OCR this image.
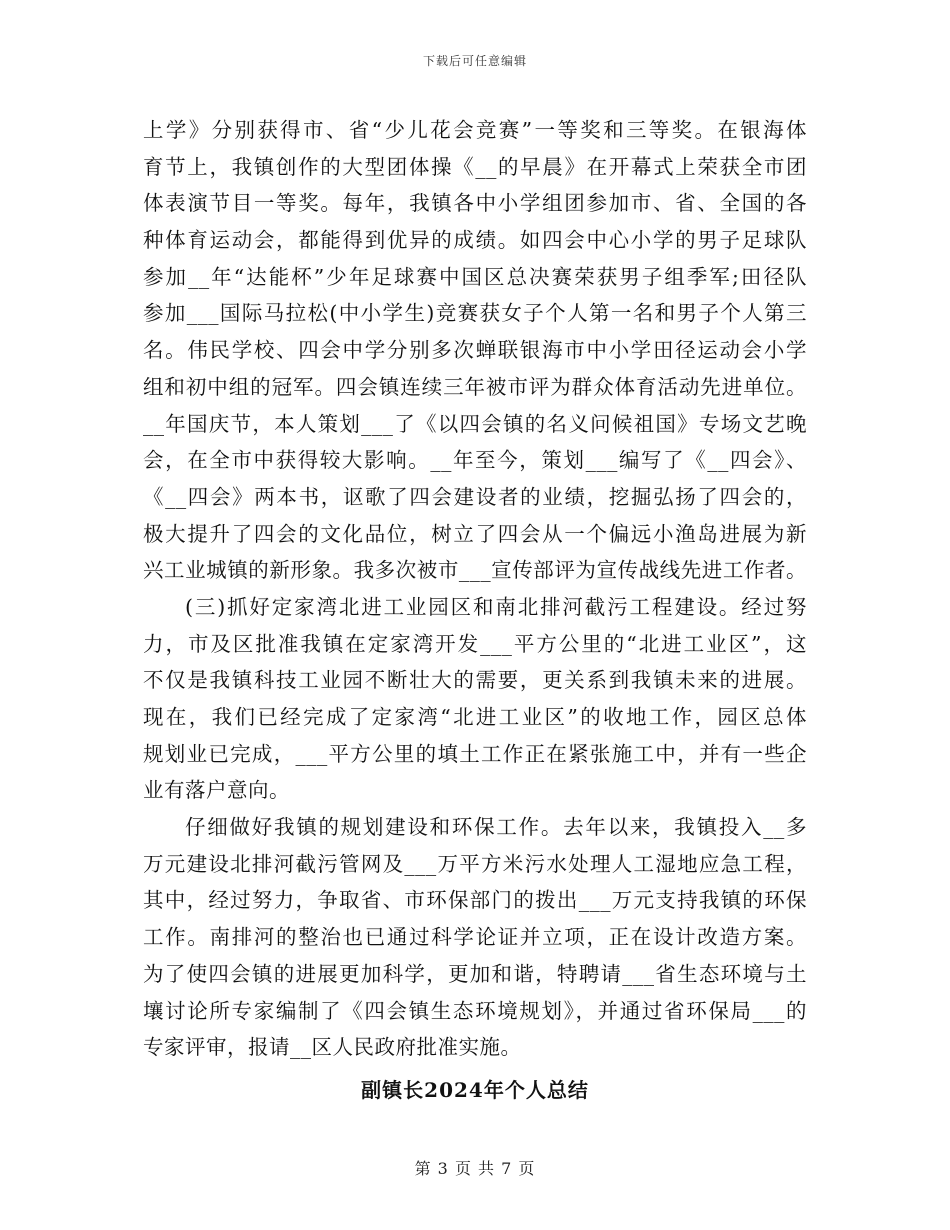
下载后可任意编辑
上学》分别获得市、省“少儿花会竞赛”一等奖和三等奖。在银海体
育节上，我镇创作的大型团体操《__的早晨》在开幕式上荣获全市团
体表演节目一等奖。每年，我镇各中小学组团参加市、省、全国的各
种体育运动会，都能得到优异的成绩。如四会中心小学的男子足球队
参加__年“达能杯”少年足球赛中国区总决赛荣获男子组季军;田径队
参加___国际马拉松(中小学生)竞赛获女子个人第一名和男子个人第三
名。伟民学校、四会中学分别多次蝉联银海市中小学田径运动会小学
组和初中组的冠军。四会镇连续三年被市评为群众体育活动先进单位。
__年国庆节，本人策划___了《以四会镇的名义问候祖国》专场文艺晚
会，在全市中获得较大影响。__年至今，策划___编写了《__四会》、
《__四会》两本书，讴歌了四会建设者的业绩，挖掘弘扬了四会的，
极大提升了四会的文化品位，树立了四会从一个偏远小渔岛进展为新
兴工业城镇的新形象。我多次被市___宣传部评为宣传战线先进工作者。
(三)抓好定家湾北进工业园区和南北排河截污工程建设。经过努
力，市及区批准我镇在定家湾开发___平方公里的“北进工业区”，这
不仅是我镇科技工业园不断壮大的需要，更关系到我镇未来的进展。
现在，我们已经完成了定家湾“北进工业区”的收地工作，园区总体
规划业已完成，___平方公里的填土工作正在紧张施工中，并有一些企
业有落户意向。
仔细做好我镇的规划建设和环保工作。去年以来，我镇投入__多
万元建设北排河截污管网及___万平方米污水处理人工湿地应急工程，
其中，经过努力，争取省、市环保部门的拨出___万元支持我镇的环保
工作。南排河的整治也已通过科学论证并立项，正在设计改造方案。
为了使四会镇的进展更加科学，更加和谐，特聘请___省生态环境与土
壤讨论所专家编制了《四会镇生态环境规划》，并通过省环保局___的
专家评审，报请__区人民政府批准实施。
副镇长2024年个人总结
第 3 页 共 7 页
